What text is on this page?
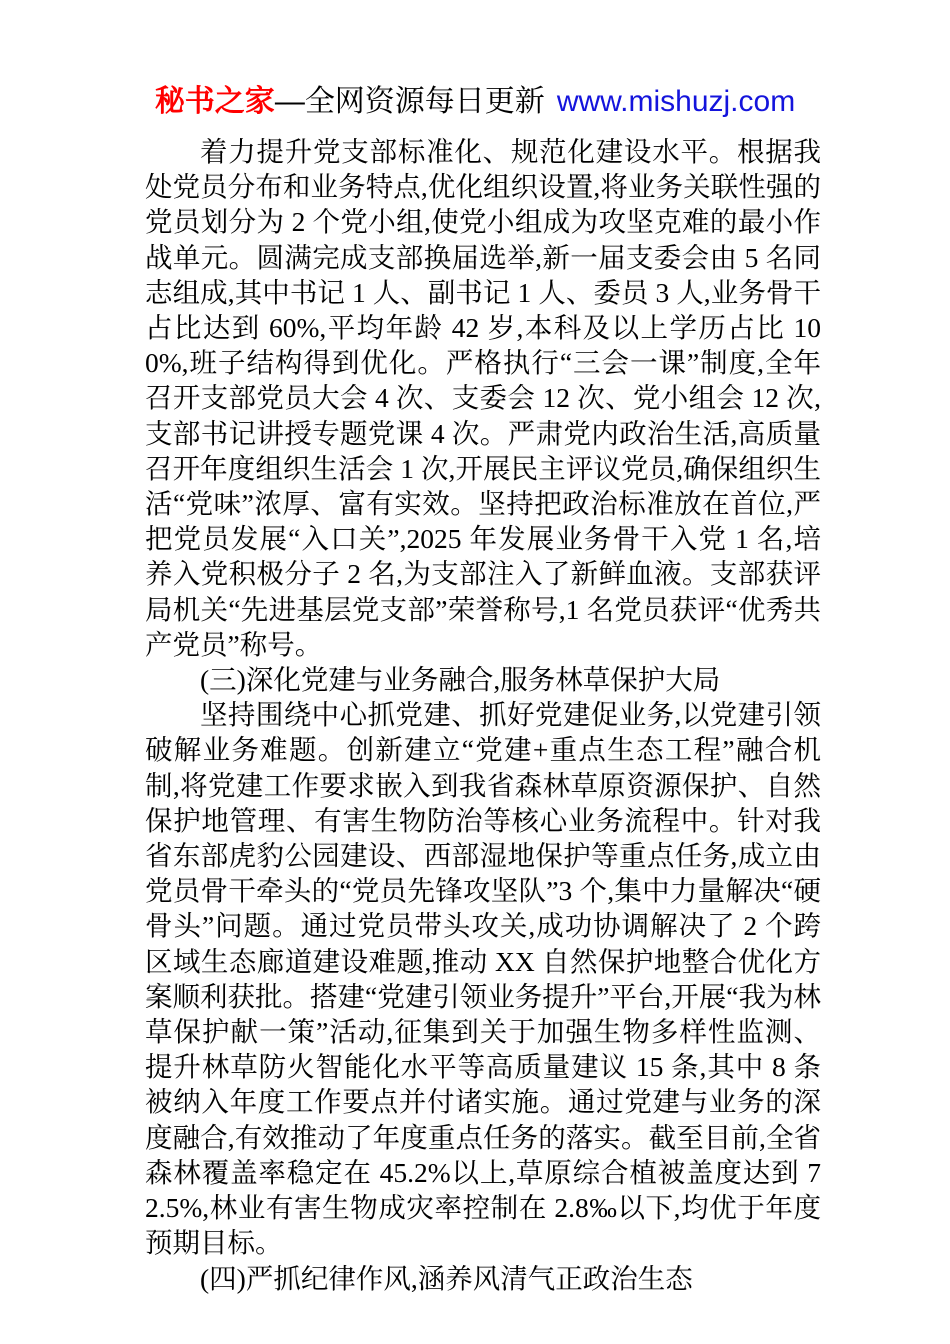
秘书之家—全网资源每日更新 www.mishuzj.com

着力提升党支部标准化、规范化建设水平。根据我处党员分布和业务特点,优化组织设置,将业务关联性强的党员划分为 2 个党小组,使党小组成为攻坚克难的最小作战单元。圆满完成支部换届选举,新一届支委会由 5 名同志组成,其中书记 1 人、副书记 1 人、委员 3 人,业务骨干占比达到 60%,平均年龄 42 岁,本科及以上学历占比 100%,班子结构得到优化。严格执行“三会一课”制度,全年召开支部党员大会 4 次、支委会 12 次、党小组会 12 次,支部书记讲授专题党课 4 次。严肃党内政治生活,高质量召开年度组织生活会 1 次,开展民主评议党员,确保组织生活“党味”浓厚、富有实效。坚持把政治标准放在首位,严把党员发展“入口关”,2025 年发展业务骨干入党 1 名,培养入党积极分子 2 名,为支部注入了新鲜血液。支部获评局机关“先进基层党支部”荣誉称号,1 名党员获评“优秀共产党员”称号。

(三)深化党建与业务融合,服务林草保护大局

坚持围绕中心抓党建、抓好党建促业务,以党建引领破解业务难题。创新建立“党建+重点生态工程”融合机制,将党建工作要求嵌入到我省森林草原资源保护、自然保护地管理、有害生物防治等核心业务流程中。针对我省东部虎豹公园建设、西部湿地保护等重点任务,成立由党员骨干牵头的“党员先锋攻坚队”3 个,集中力量解决“硬骨头”问题。通过党员带头攻关,成功协调解决了 2 个跨区域生态廊道建设难题,推动 XX 自然保护地整合优化方案顺利获批。搭建“党建引领业务提升”平台,开展“我为林草保护献一策”活动,征集到关于加强生物多样性监测、提升林草防火智能化水平等高质量建议 15 条,其中 8 条被纳入年度工作要点并付诸实施。通过党建与业务的深度融合,有效推动了年度重点任务的落实。截至目前,全省森林覆盖率稳定在 45.2%以上,草原综合植被盖度达到 72.5%,林业有害生物成灾率控制在 2.8‰以下,均优于年度预期目标。

(四)严抓纪律作风,涵养风清气正政治生态
